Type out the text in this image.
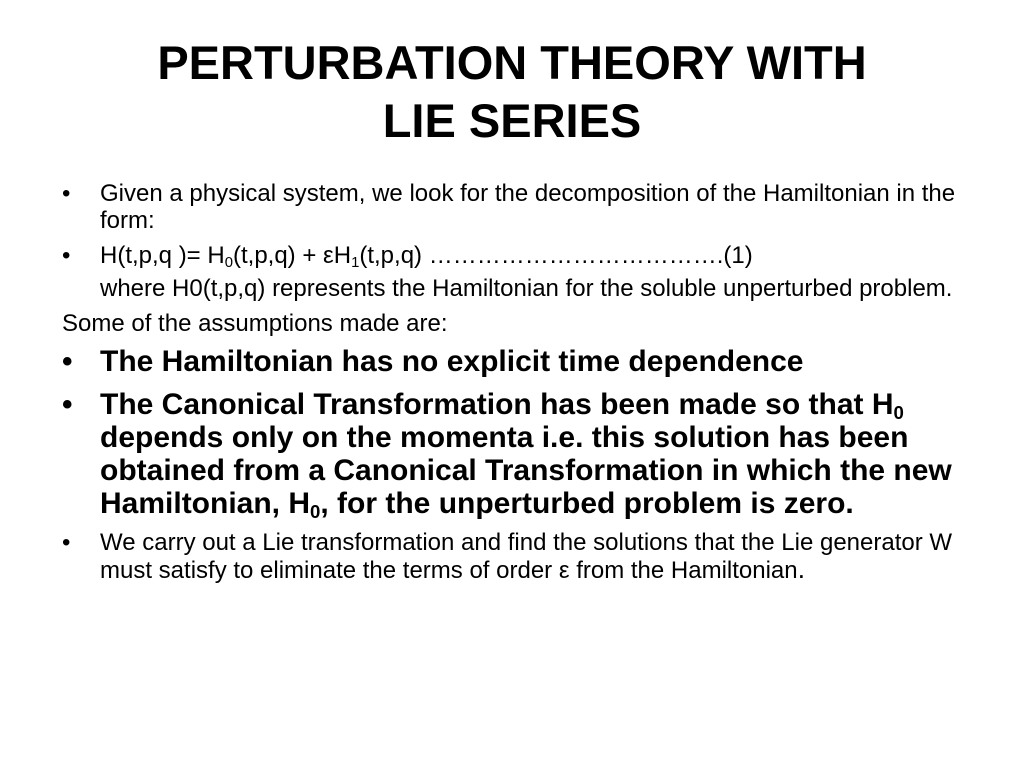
PERTURBATION THEORY WITH
LIE SERIES
• Given a physical system, we look for the decomposition of the Hamiltonian in the form:
• H(t,p,q )= $H_0(t,p,q) + \varepsilon H_1(t,p,q)$ ……………………………….(1)
where H0(t,p,q) represents the Hamiltonian for the soluble unperturbed problem.
Some of the assumptions made are:
• The Hamiltonian has no explicit time dependence
• The Canonical Transformation has been made so that $H_0$ depends only on the momenta i.e. this solution has been obtained from a Canonical Transformation in which the new Hamiltonian, $H_0$, for the unperturbed problem is zero.
• We carry out a Lie transformation and find the solutions that the Lie generator W must satisfy to eliminate the terms of order ε from the Hamiltonian.
